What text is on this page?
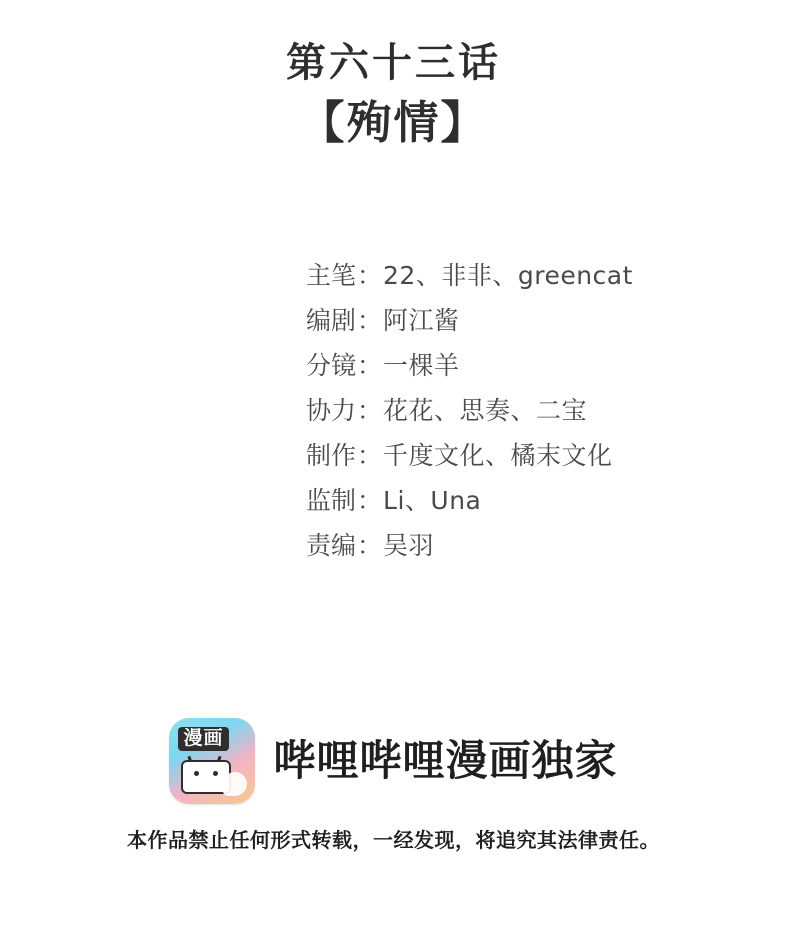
第六十三话
【殉情】
主笔 ： 22、非非、greencat
编剧 ： 阿江酱
分镜 ： 一棵羊
协力 ： 花花、思奏、二宝
制作 ： 千度文化、橘末文化
监制 ： Li、Una
责编 ： 吴羽
漫画 哔哩哔哩漫画独家
本作品禁止任何形式转载，一经发现，将追究其法律责任。
